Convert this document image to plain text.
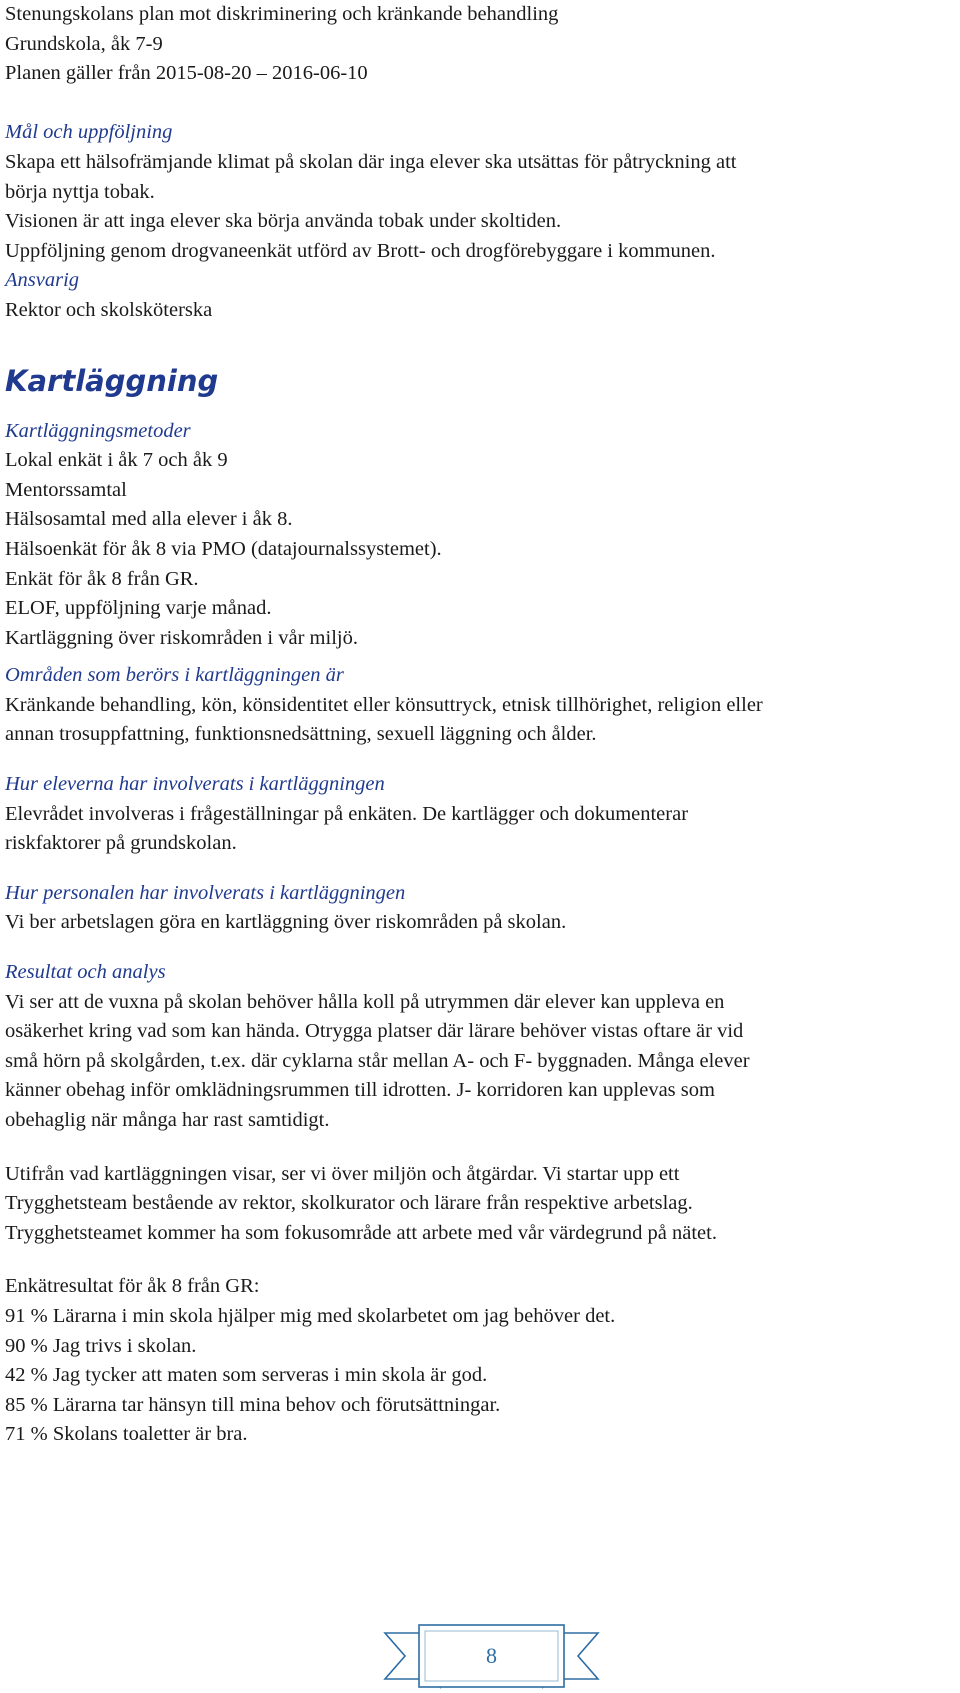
Stenungskolans plan mot diskriminering och kränkande behandling

Grundskola, åk 7-9

Planen gäller från 2015-08-20 – 2016-06-10

Mål och uppföljning

Skapa ett hälsofrämjande klimat på skolan där inga elever ska utsättas för påtryckning att

börja nyttja tobak.

Visionen är att inga elever ska börja använda tobak under skoltiden.

Uppföljning genom drogvaneenkät utförd av Brott- och drogförebyggare i kommunen.

Ansvarig

Rektor och skolsköterska

Kartläggning

Kartläggningsmetoder

Lokal enkät i åk 7 och åk 9

Mentorssamtal

Hälsosamtal med alla elever i åk 8.

Hälsoenkät för åk 8 via PMO (datajournalssystemet).

Enkät för åk 8 från GR.

ELOF, uppföljning varje månad.

Kartläggning över riskområden i vår miljö.

Områden som berörs i kartläggningen är

Kränkande behandling, kön, könsidentitet eller könsuttryck, etnisk tillhörighet, religion eller

annan trosuppfattning, funktionsnedsättning, sexuell läggning och ålder.

Hur eleverna har involverats i kartläggningen

Elevrådet involveras i frågeställningar på enkäten. De kartlägger och dokumenterar

riskfaktorer på grundskolan.

Hur personalen har involverats i kartläggningen

Vi ber arbetslagen göra en kartläggning över riskområden på skolan.

Resultat och analys

Vi ser att de vuxna på skolan behöver hålla koll på utrymmen där elever kan uppleva en

osäkerhet kring vad som kan hända. Otrygga platser där lärare behöver vistas oftare är vid

små hörn på skolgården, t.ex. där cyklarna står mellan A- och F- byggnaden. Många elever

känner obehag inför omklädningsrummen till idrotten. J- korridoren kan upplevas som

obehaglig när många har rast samtidigt.

Utifrån vad kartläggningen visar, ser vi över miljön och åtgärdar. Vi startar upp ett

Trygghetsteam bestående av rektor, skolkurator och lärare från respektive arbetslag.

Trygghetsteamet kommer ha som fokusområde att arbete med vår värdegrund på nätet.

Enkätresultat för åk 8 från GR:

91 % Lärarna i min skola hjälper mig med skolarbetet om jag behöver det.

90 % Jag trivs i skolan.

42 % Jag tycker att maten som serveras i min skola är god.

85 % Lärarna tar hänsyn till mina behov och förutsättningar.

71 % Skolans toaletter är bra.

8
